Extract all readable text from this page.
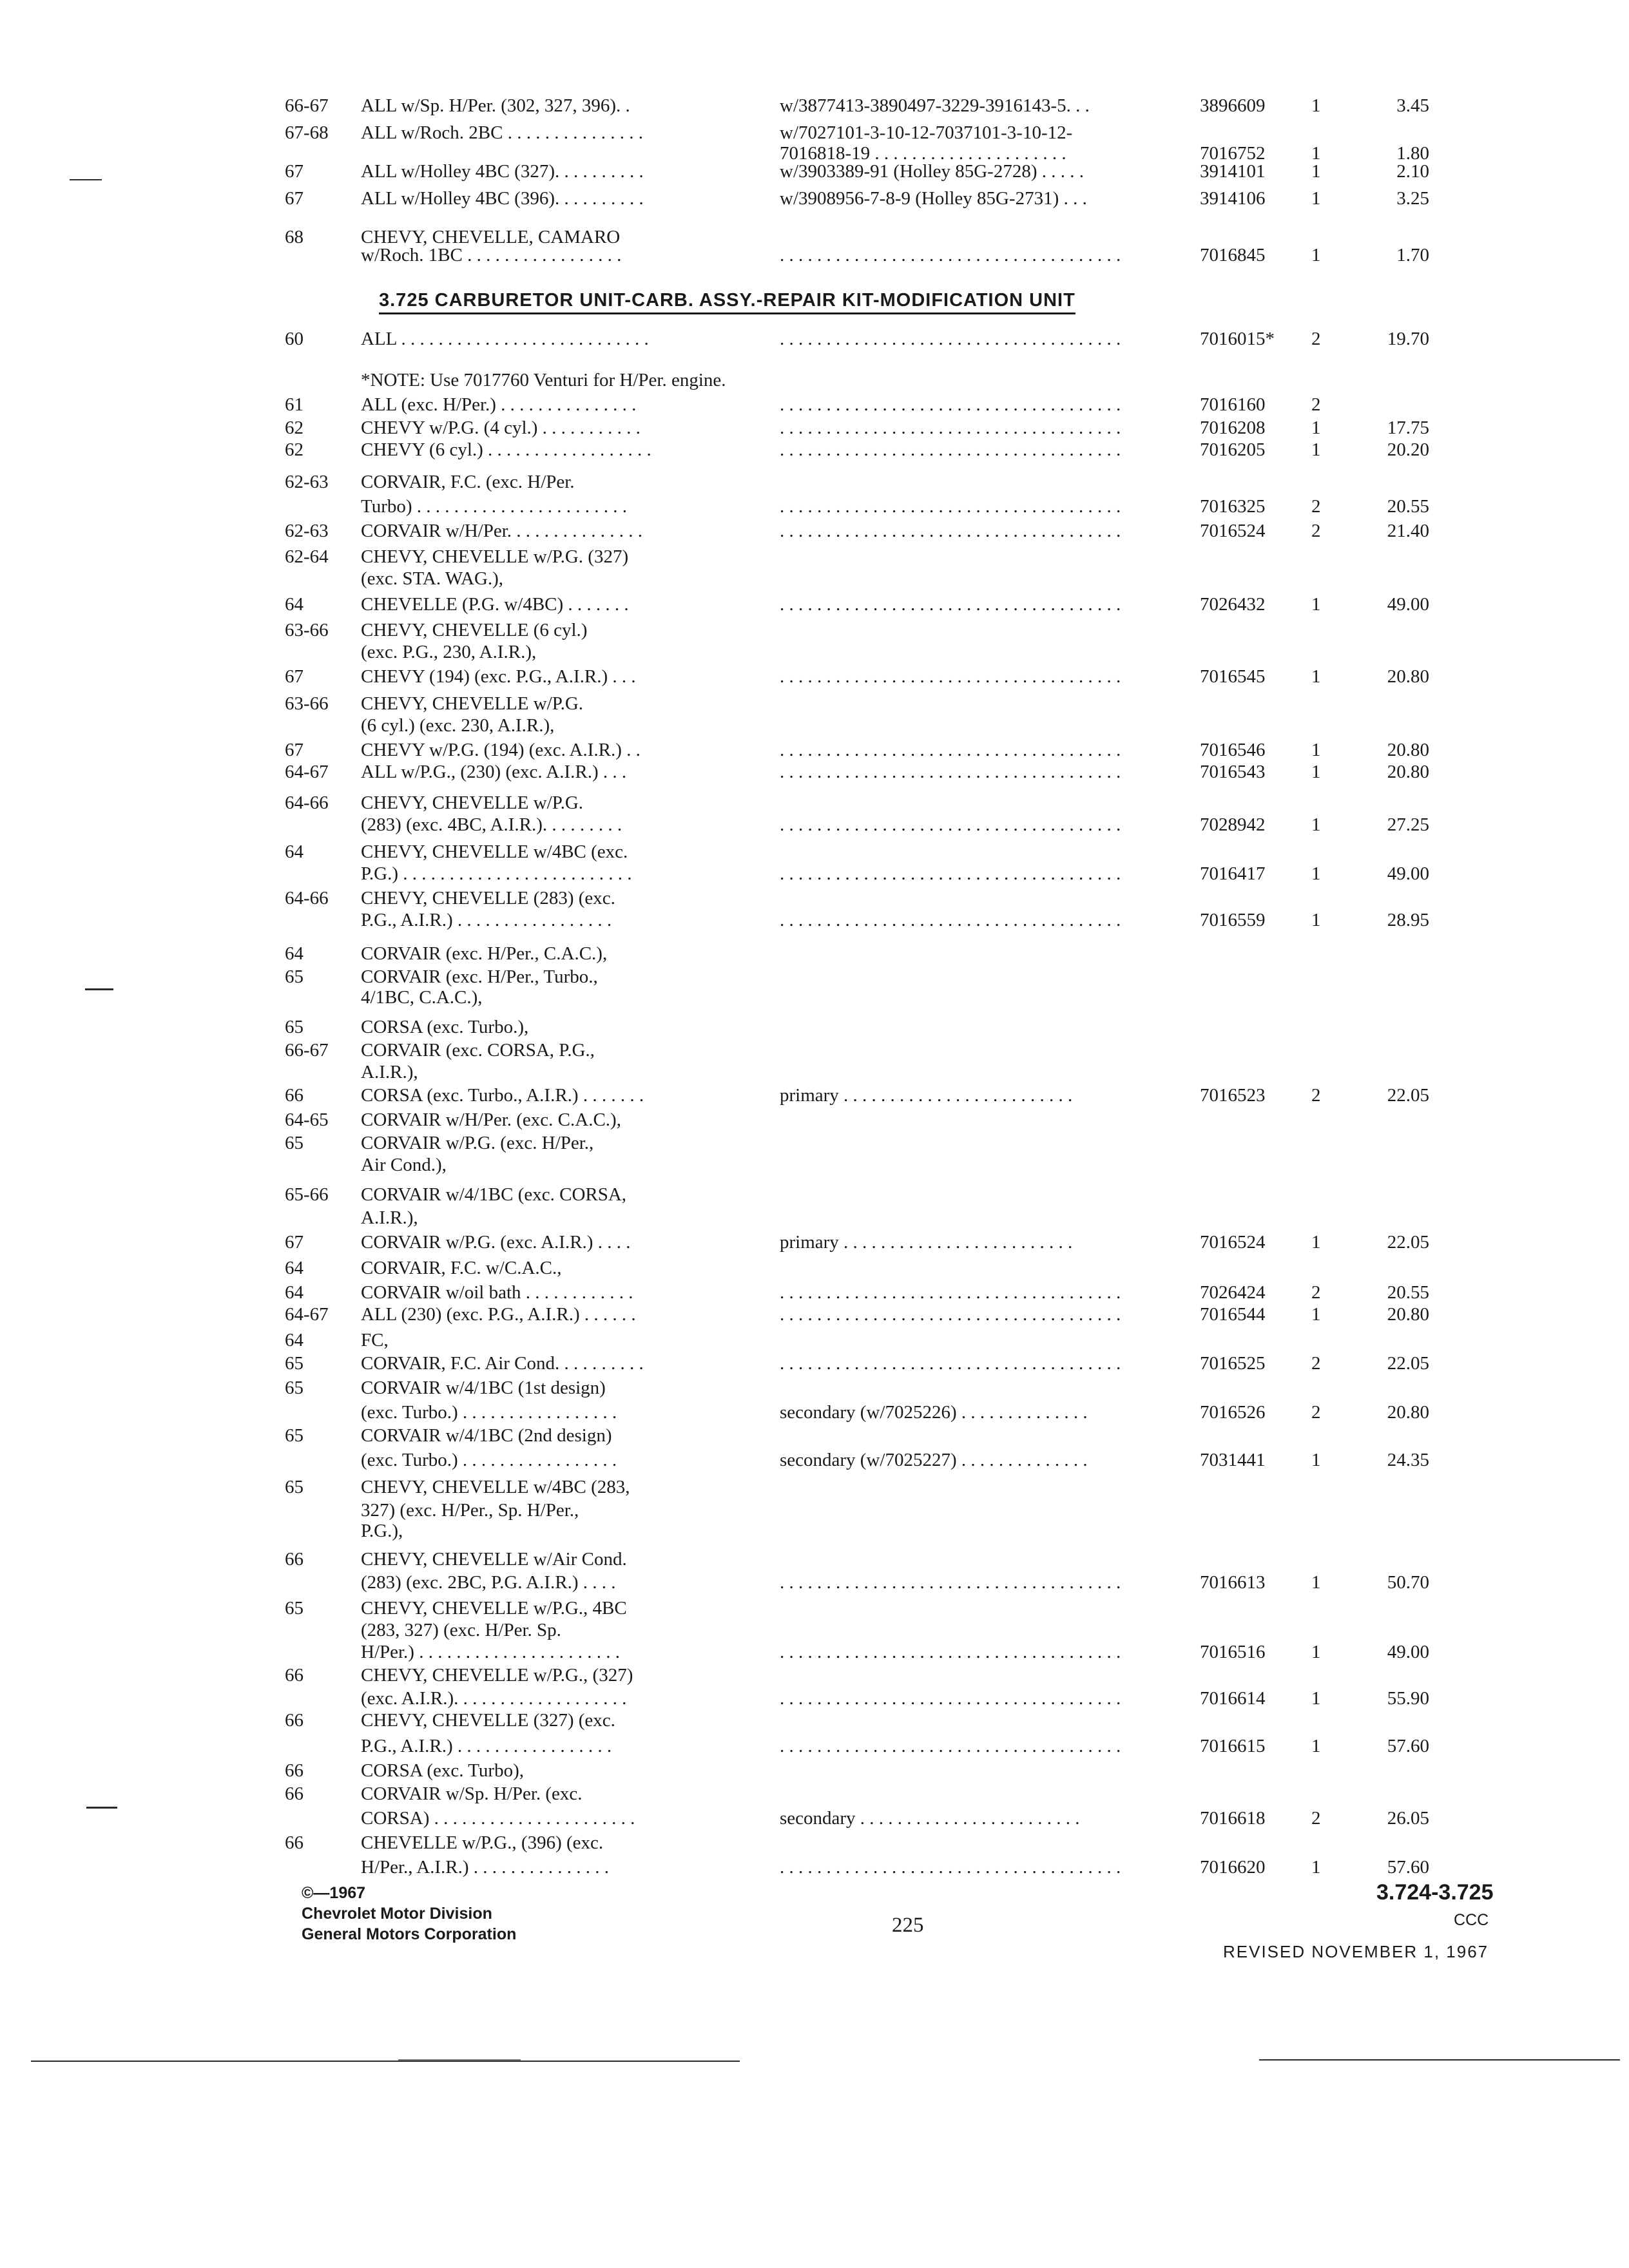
3.725 CARBURETOR UNIT-CARB. ASSY.-REPAIR KIT-MODIFICATION UNIT
66-67 ALL w/Sp. H/Per. (302, 327, 396). .	w/3877413-3890497-3229-3916143-5. . .	3896609 1	3.45
67-68 ALL w/Roch. 2BC . . . . . . . . . . . . . . .	w/7027101-3-10-12-7037101-3-10-12-
7016818-19 . . . . . . . . . . . . . . . . . . . . .	7016752 1	1.80
67	ALL w/Holley 4BC (327). . . . . . . . . .	w/3903389-91 (Holley 85G-2728) . . . . .	3914101 1	2.10
67	ALL w/Holley 4BC (396). . . . . . . . . .	w/3908956-7-8-9 (Holley 85G-2731) . . .	3914106 1	3.25
68	CHEVY, CHEVELLE, CAMARO
w/Roch. 1BC . . . . . . . . . . . . . . . . .	. . . . . . . . . . . . . . . . . . . . . . . . . . . . . . . . . . . . .	7016845 1	1.70
60	ALL . . . . . . . . . . . . . . . . . . . . . . . . . . .	. . . . . . . . . . . . . . . . . . . . . . . . . . . . . . . . . . . . .	7016015* 2	19.70
*NOTE: Use 7017760 Venturi for H/Per. engine.
61	ALL (exc. H/Per.) . . . . . . . . . . . . . . .	. . . . . . . . . . . . . . . . . . . . . . . . . . . . . . . . . . . . .	7016160 2
62	CHEVY w/P.G. (4 cyl.) . . . . . . . . . . .	. . . . . . . . . . . . . . . . . . . . . . . . . . . . . . . . . . . . .	7016208 1	17.75
62	CHEVY (6 cyl.) . . . . . . . . . . . . . . . . . .	. . . . . . . . . . . . . . . . . . . . . . . . . . . . . . . . . . . . .	7016205 1	20.20
62-63 CORVAIR, F.C. (exc. H/Per.
Turbo) . . . . . . . . . . . . . . . . . . . . . . .	. . . . . . . . . . . . . . . . . . . . . . . . . . . . . . . . . . . . .	7016325 2	20.55
62-63 CORVAIR w/H/Per. . . . . . . . . . . . . . .	. . . . . . . . . . . . . . . . . . . . . . . . . . . . . . . . . . . . .	7016524 2	21.40
62-64 CHEVY, CHEVELLE w/P.G. (327)
(exc. STA. WAG.),
64	CHEVELLE (P.G. w/4BC) . . . . . . .	. . . . . . . . . . . . . . . . . . . . . . . . . . . . . . . . . . . . .	7026432 1	49.00
63-66 CHEVY, CHEVELLE (6 cyl.)
(exc. P.G., 230, A.I.R.),
67	CHEVY (194) (exc. P.G., A.I.R.) . . .	. . . . . . . . . . . . . . . . . . . . . . . . . . . . . . . . . . . . .	7016545 1	20.80
63-66 CHEVY, CHEVELLE w/P.G.
(6 cyl.) (exc. 230, A.I.R.),
67	CHEVY w/P.G. (194) (exc. A.I.R.) . .	. . . . . . . . . . . . . . . . . . . . . . . . . . . . . . . . . . . . .	7016546 1	20.80
64-67 ALL w/P.G., (230) (exc. A.I.R.) . . .	. . . . . . . . . . . . . . . . . . . . . . . . . . . . . . . . . . . . .	7016543 1	20.80
64-66 CHEVY, CHEVELLE w/P.G.
(283) (exc. 4BC, A.I.R.). . . . . . . . .	. . . . . . . . . . . . . . . . . . . . . . . . . . . . . . . . . . . . .	7028942 1	27.25
64	CHEVY, CHEVELLE w/4BC (exc.
P.G.) . . . . . . . . . . . . . . . . . . . . . . . . .	. . . . . . . . . . . . . . . . . . . . . . . . . . . . . . . . . . . . .	7016417 1	49.00
64-66 CHEVY, CHEVELLE (283) (exc.
P.G., A.I.R.) . . . . . . . . . . . . . . . . .	. . . . . . . . . . . . . . . . . . . . . . . . . . . . . . . . . . . . .	7016559 1	28.95
64	CORVAIR (exc. H/Per., C.A.C.),
65	CORVAIR (exc. H/Per., Turbo.,
4/1BC, C.A.C.),
65	CORSA (exc. Turbo.),
66-67 CORVAIR (exc. CORSA, P.G.,
A.I.R.),
66	CORSA (exc. Turbo., A.I.R.) . . . . . . .	primary . . . . . . . . . . . . . . . . . . . . . . . . .	7016523 2	22.05
64-65 CORVAIR w/H/Per. (exc. C.A.C.),
65	CORVAIR w/P.G. (exc. H/Per.,
Air Cond.),
65-66 CORVAIR w/4/1BC (exc. CORSA,
A.I.R.),
67	CORVAIR w/P.G. (exc. A.I.R.) . . . .	primary . . . . . . . . . . . . . . . . . . . . . . . . .	7016524 1	22.05
64	CORVAIR, F.C. w/C.A.C.,
64	CORVAIR w/oil bath . . . . . . . . . . . .	. . . . . . . . . . . . . . . . . . . . . . . . . . . . . . . . . . . . .	7026424 2	20.55
64-67 ALL (230) (exc. P.G., A.I.R.) . . . . . .	. . . . . . . . . . . . . . . . . . . . . . . . . . . . . . . . . . . . .	7016544 1	20.80
64	FC,
65	CORVAIR, F.C. Air Cond. . . . . . . . . .	. . . . . . . . . . . . . . . . . . . . . . . . . . . . . . . . . . . . .	7016525 2	22.05
65	CORVAIR w/4/1BC (1st design)
(exc. Turbo.) . . . . . . . . . . . . . . . . .	secondary (w/7025226) . . . . . . . . . . . . . .	7016526 2	20.80
65	CORVAIR w/4/1BC (2nd design)
(exc. Turbo.) . . . . . . . . . . . . . . . . .	secondary (w/7025227) . . . . . . . . . . . . . .	7031441 1	24.35
65	CHEVY, CHEVELLE w/4BC (283,
327) (exc. H/Per., Sp. H/Per.,
P.G.),
66	CHEVY, CHEVELLE w/Air Cond.
(283) (exc. 2BC, P.G. A.I.R.) . . . .	. . . . . . . . . . . . . . . . . . . . . . . . . . . . . . . . . . . . .	7016613 1	50.70
65	CHEVY, CHEVELLE w/P.G., 4BC
(283, 327) (exc. H/Per. Sp.
H/Per.) . . . . . . . . . . . . . . . . . . . . . .	. . . . . . . . . . . . . . . . . . . . . . . . . . . . . . . . . . . . .	7016516 1	49.00
66	CHEVY, CHEVELLE w/P.G., (327)
(exc. A.I.R.). . . . . . . . . . . . . . . . . . .	. . . . . . . . . . . . . . . . . . . . . . . . . . . . . . . . . . . . .	7016614 1	55.90
66	CHEVY, CHEVELLE (327) (exc.
P.G., A.I.R.) . . . . . . . . . . . . . . . . .	. . . . . . . . . . . . . . . . . . . . . . . . . . . . . . . . . . . . .	7016615 1	57.60
66	CORSA (exc. Turbo),
66	CORVAIR w/Sp. H/Per. (exc.
CORSA) . . . . . . . . . . . . . . . . . . . . . .	secondary . . . . . . . . . . . . . . . . . . . . . . . .	7016618 2	26.05
66	CHEVELLE w/P.G., (396) (exc.
H/Per., A.I.R.) . . . . . . . . . . . . . . .	. . . . . . . . . . . . . . . . . . . . . . . . . . . . . . . . . . . . .	7016620 1	57.60
©—1967
Chevrolet Motor Division
General Motors Corporation	225
3.724-3.725
CCC
REVISED NOVEMBER 1, 1967
